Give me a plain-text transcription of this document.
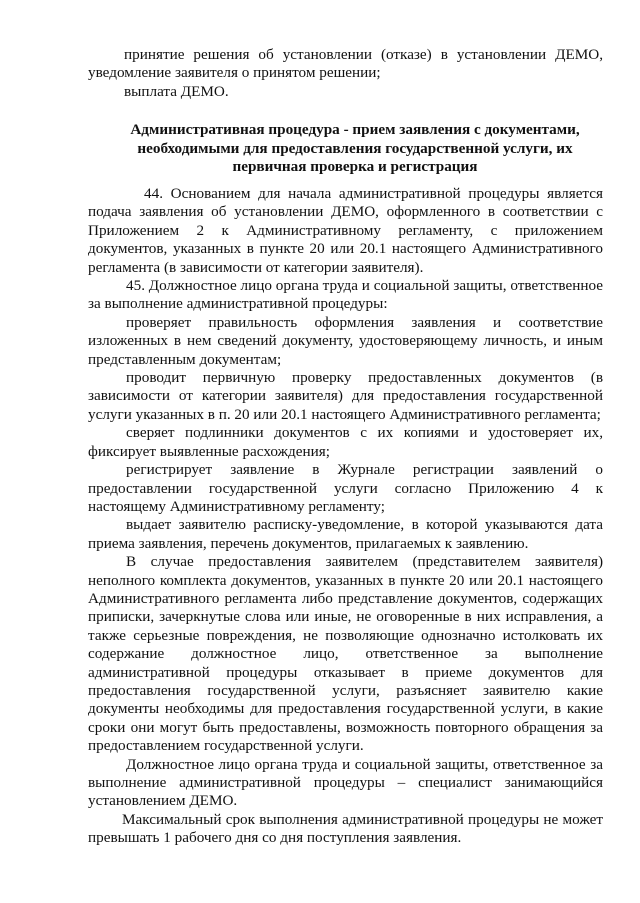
принятие решения об установлении (отказе) в установлении ДЕМО, уведомление заявителя о принятом решении;

выплата ДЕМО.

Административная процедура - прием заявления с документами, необходимыми для предоставления государственной услуги, их первичная проверка и регистрация

44. Основанием для начала административной процедуры является подача заявления об установлении ДЕМО, оформленного в соответствии с Приложением 2 к Административному регламенту, с приложением документов, указанных в пункте 20 или 20.1 настоящего Административного регламента (в зависимости от категории заявителя).

45. Должностное лицо органа труда и социальной защиты, ответственное за выполнение административной процедуры:

проверяет правильность оформления заявления и соответствие изложенных в нем сведений документу, удостоверяющему личность, и иным представленным документам;

проводит первичную проверку предоставленных документов (в зависимости от категории заявителя) для предоставления государственной услуги указанных в п. 20 или 20.1 настоящего Административного регламента;

сверяет подлинники документов с их копиями и удостоверяет их, фиксирует выявленные расхождения;

регистрирует заявление в Журнале регистрации заявлений о предоставлении государственной услуги согласно Приложению 4 к настоящему Административному регламенту;

выдает заявителю расписку-уведомление, в которой указываются дата приема заявления, перечень документов, прилагаемых к заявлению.

В случае предоставления заявителем (представителем заявителя) неполного комплекта документов, указанных в пункте 20 или 20.1 настоящего Административного регламента либо представление документов, содержащих приписки, зачеркнутые слова или иные, не оговоренные в них исправления, а также серьезные повреждения, не позволяющие однозначно истолковать их содержание должностное лицо, ответственное за выполнение административной процедуры отказывает в приеме документов для предоставления государственной услуги, разъясняет заявителю какие документы необходимы для предоставления государственной услуги, в какие сроки они могут быть предоставлены, возможность повторного обращения за предоставлением государственной услуги.

Должностное лицо органа труда и социальной защиты, ответственное за выполнение административной процедуры – специалист занимающийся установлением ДЕМО.

Максимальный срок выполнения административной процедуры не может превышать 1 рабочего дня со дня поступления заявления.
